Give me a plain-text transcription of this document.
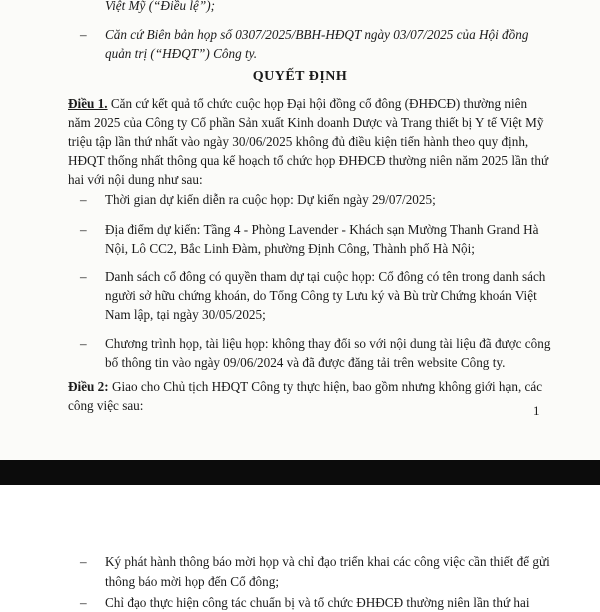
Việt Mỹ (“Điều lệ”);
– Căn cứ Biên bản họp số 0307/2025/BBH-HĐQT ngày 03/07/2025 của Hội đồng
quản trị (“HĐQT”) Công ty.
QUYẾT ĐỊNH
Điều 1. Căn cứ kết quả tổ chức cuộc họp Đại hội đồng cổ đông (ĐHĐCĐ) thường niên
năm 2025 của Công ty Cổ phần Sản xuất Kinh doanh Dược và Trang thiết bị Y tế Việt Mỹ
triệu tập lần thứ nhất vào ngày 30/06/2025 không đủ điều kiện tiến hành theo quy định,
HĐQT thống nhất thông qua kế hoạch tổ chức họp ĐHĐCĐ thường niên năm 2025 lần thứ
hai với nội dung như sau:
– Thời gian dự kiến diễn ra cuộc họp: Dự kiến ngày 29/07/2025;
– Địa điểm dự kiến: Tầng 4 - Phòng Lavender - Khách sạn Mường Thanh Grand Hà
Nội, Lô CC2, Bắc Linh Đàm, phường Định Công, Thành phố Hà Nội;
– Danh sách cổ đông có quyền tham dự tại cuộc họp: Cổ đông có tên trong danh sách
người sở hữu chứng khoán, do Tổng Công ty Lưu ký và Bù trừ Chứng khoán Việt
Nam lập, tại ngày 30/05/2025;
– Chương trình họp, tài liệu họp: không thay đổi so với nội dung tài liệu đã được công
bố thông tin vào ngày 09/06/2024 và đã được đăng tải trên website Công ty.
Điều 2: Giao cho Chủ tịch HĐQT Công ty thực hiện, bao gồm nhưng không giới hạn, các
công việc sau:	1
– Ký phát hành thông báo mời họp và chỉ đạo triển khai các công việc cần thiết để gửi
thông báo mời họp đến Cổ đông;
– Chỉ đạo thực hiện công tác chuẩn bị và tổ chức ĐHĐCĐ thường niên lần thứ hai
